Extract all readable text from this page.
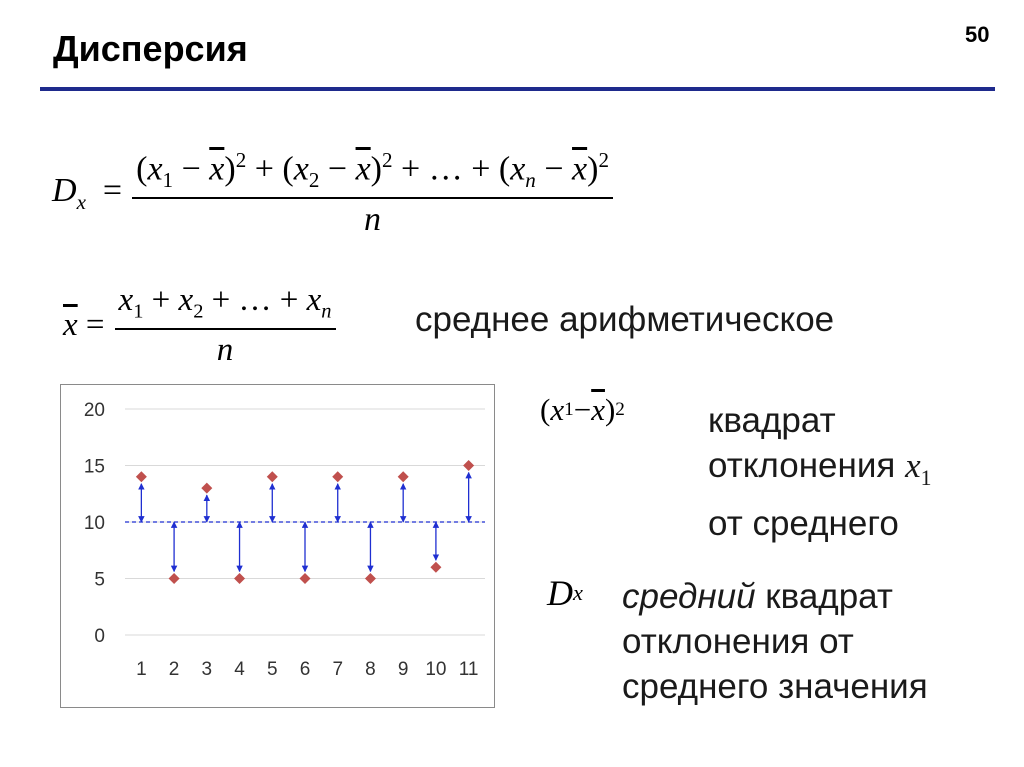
Дисперсия	50
$D_x = \frac{(x_1 - \overline{x})^2 + (x_2 - \overline{x})^2 + \dots + (x_n - \overline{x})^2}{n}$
$\overline{x} = \frac{x_1 + x_2 + \dots + x_n}{n}$ среднее арифметическое
0
5
10
15
20
1 2 3 4 5 6 7 8 9 10 11
( x $1 - \overline{x}$ ) 2 квадрат
отклонения $x_1$
от среднего
D x средний квадрат
отклонения от
среднего значения
